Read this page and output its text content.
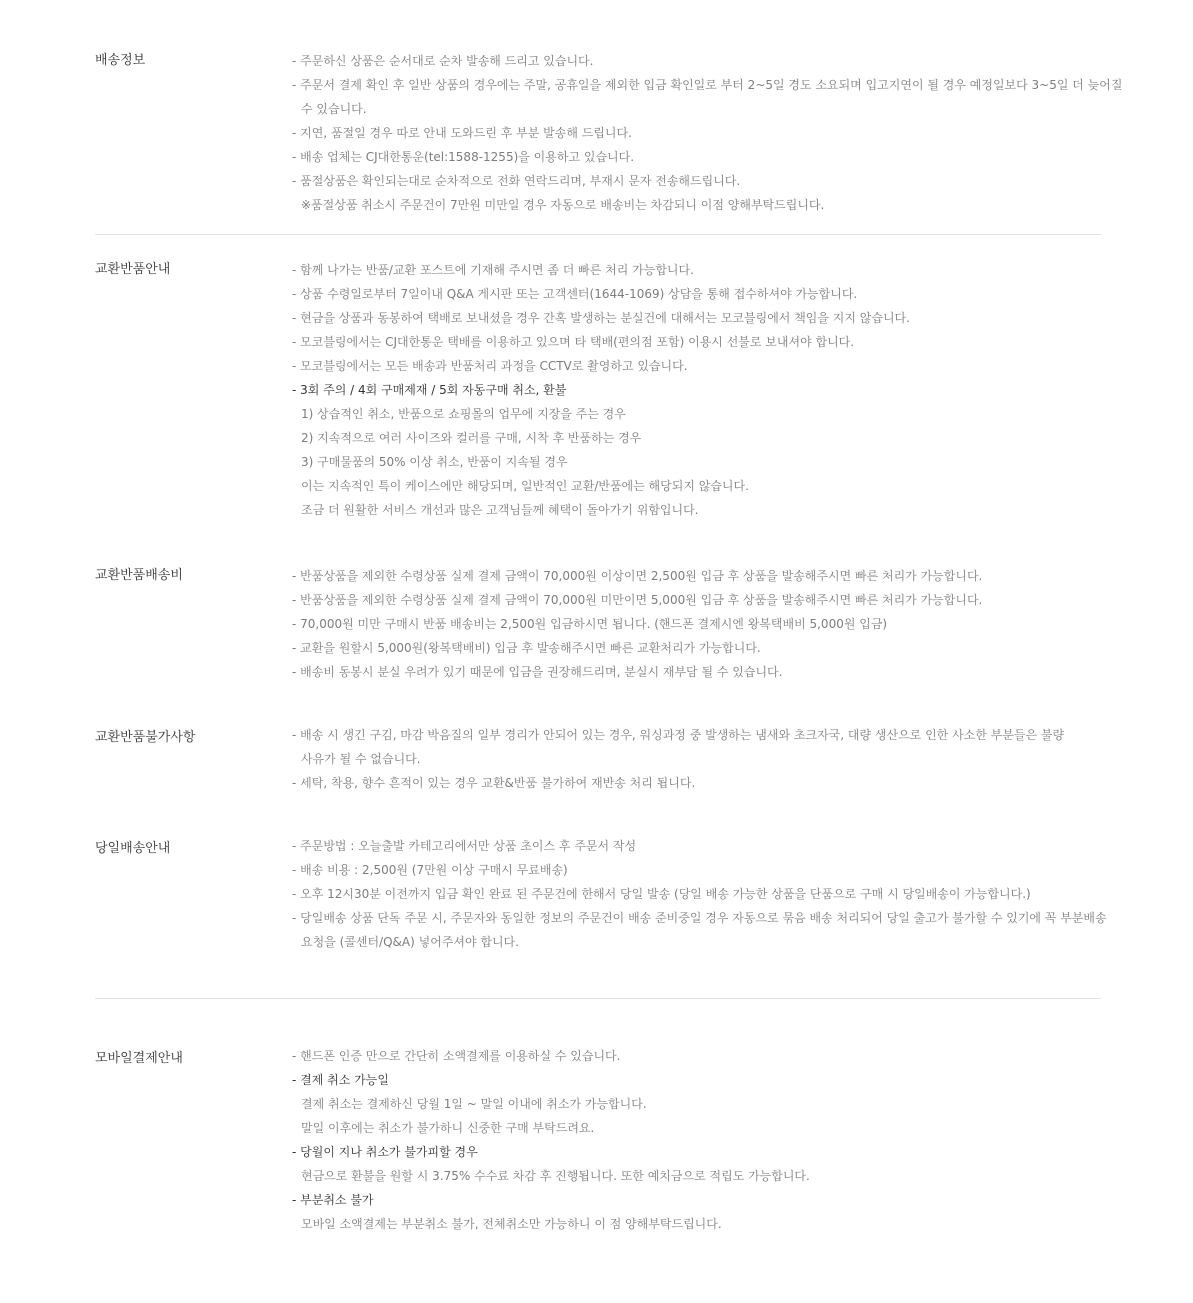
배송정보	- 주문하신 상품은 순서대로 순차 발송해 드리고 있습니다.
- 주문서 결제 확인 후 일반 상품의 경우에는 주말, 공휴일을 제외한 입금 확인일로 부터 2~5일 경도 소요되며 입고지연이 될 경우 예정일보다 3~5일 더 늦어질
수 있습니다.
- 지연, 품절일 경우 따로 안내 도와드린 후 부분 발송해 드립니다.
- 배송 업체는 CJ대한통운(tel:1588-1255)을 이용하고 있습니다.
- 품절상품은 확인되는대로 순차적으로 전화 연락드리며, 부재시 문자 전송해드립니다.
※품절상품 취소시 주문건이 7만원 미만일 경우 자동으로 배송비는 차감되니 이점 양해부탁드립니다.
교환반품안내	- 함께 나가는 반품/교환 포스트에 기재해 주시면 좀 더 빠른 처리 가능합니다.
- 상품 수령일로부터 7일이내 Q&A 게시판 또는 고객센터(1644-1069) 상담을 통해 접수하셔야 가능합니다.
- 현금을 상품과 동봉하여 택배로 보내셨을 경우 간혹 발생하는 분실건에 대해서는 모코블링에서 책임을 지지 않습니다.
- 모코블링에서는 CJ대한통운 택배를 이용하고 있으며 타 택배(편의점 포함) 이용시 선불로 보내셔야 합니다.
- 모코블링에서는 모든 배송과 반품처리 과정을 CCTV로 촬영하고 있습니다.
- 3회 주의 / 4회 구매제재 / 5회 자동구매 취소, 환불
1) 상습적인 취소, 반품으로 쇼핑몰의 업무에 지장을 주는 경우
2) 지속적으로 여러 사이즈와 컬러를 구매, 시착 후 반품하는 경우
3) 구매물품의 50% 이상 취소, 반품이 지속될 경우
이는 지속적인 특이 케이스에만 해당되며, 일반적인 교환/반품에는 해당되지 않습니다.
조금 더 원활한 서비스 개선과 많은 고객님들께 혜택이 돌아가기 위함입니다.
교환반품배송비	- 반품상품을 제외한 수령상품 실제 결제 금액이 70,000원 이상이면 2,500원 입금 후 상품을 발송해주시면 빠른 처리가 가능합니다.
- 반품상품을 제외한 수령상품 실제 결제 금액이 70,000원 미만이면 5,000원 입금 후 상품을 발송해주시면 빠른 처리가 가능합니다.
- 70,000원 미만 구매시 반품 배송비는 2,500원 입금하시면 됩니다. (핸드폰 결제시엔 왕복택배비 5,000원 입금)
- 교환을 원할시 5,000원(왕복택배비) 입금 후 발송해주시면 빠른 교환처리가 가능합니다.
- 배송비 동봉시 분실 우려가 있기 때문에 입금을 권장해드리며, 분실시 재부담 될 수 있습니다.
교환반품불가사항	- 배송 시 생긴 구김, 마감 박음질의 일부 경리가 안되어 있는 경우, 워싱과정 중 발생하는 냄새와 초크자국, 대량 생산으로 인한 사소한 부분들은 불량
사유가 될 수 없습니다.
- 세탁, 착용, 향수 흔적이 있는 경우 교환&반품 불가하여 재반송 처리 됩니다.
당일배송안내	- 주문방법 : 오늘출발 카테고리에서만 상품 초이스 후 주문서 작성
- 배송 비용 : 2,500원 (7만원 이상 구매시 무료배송)
- 오후 12시30분 이전까지 입금 확인 완료 된 주문건에 한해서 당일 발송 (당일 배송 가능한 상품을 단품으로 구매 시 당일배송이 가능합니다.)
- 당일배송 상품 단독 주문 시, 주문자와 동일한 정보의 주문건이 배송 준비중일 경우 자동으로 묶음 배송 처리되어 당일 출고가 불가할 수 있기에 꼭 부분배송
요청을 (콜센터/Q&A) 넣어주셔야 합니다.
모바일결제안내	- 핸드폰 인증 만으로 간단히 소액결제를 이용하실 수 있습니다.
- 결제 취소 가능일
결제 취소는 결제하신 당월 1일 ~ 말일 이내에 취소가 가능합니다.
말일 이후에는 취소가 불가하니 신중한 구매 부탁드려요.
- 당월이 지나 취소가 불가피할 경우
현금으로 환불을 원할 시 3.75% 수수료 차감 후 진행됩니다. 또한 예치금으로 적립도 가능합니다.
- 부분취소 불가
모바일 소액결제는 부분취소 불가, 전체취소만 가능하니 이 점 양해부탁드립니다.
